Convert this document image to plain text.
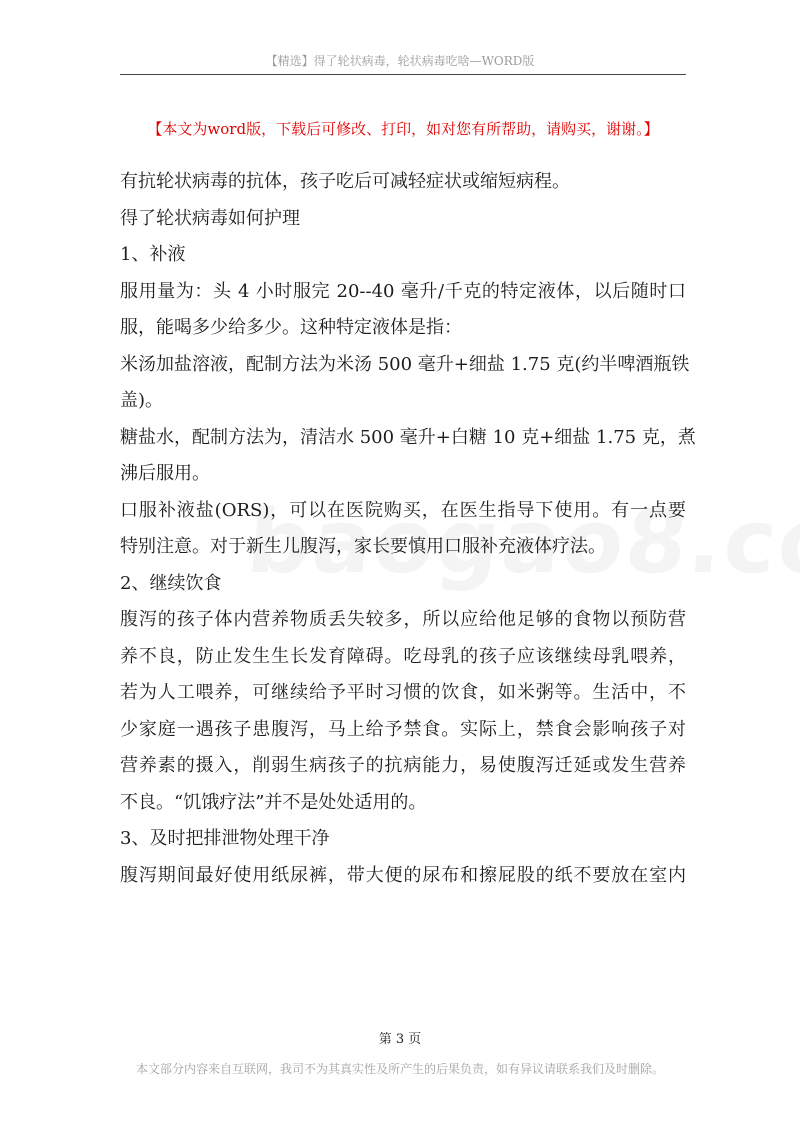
【精选】得了轮状病毒，轮状病毒吃啥—WORD版
【本文为word版，下载后可修改、打印，如对您有所帮助，请购买，谢谢。】

有抗轮状病毒的抗体，孩子吃后可减轻症状或缩短病程。

得了轮状病毒如何护理

1、补液

服用量为：头 4 小时服完 20--40 毫升/千克的特定液体，以后随时口
服，能喝多少给多少。这种特定液体是指：

米汤加盐溶液，配制方法为米汤 500 毫升+细盐 1.75 克(约半啤酒瓶铁
盖)。

糖盐水，配制方法为，清洁水 500 毫升+白糖 10 克+细盐 1.75 克，煮
沸后服用。

口服补液盐(ORS)，可以在医院购买，在医生指导下使用。有一点要
特别注意。对于新生儿腹泻，家长要慎用口服补充液体疗法。

2、继续饮食

腹泻的孩子体内营养物质丢失较多，所以应给他足够的食物以预防营
养不良，防止发生生长发育障碍。吃母乳的孩子应该继续母乳喂养，
若为人工喂养，可继续给予平时习惯的饮食，如米粥等。生活中，不
少家庭一遇孩子患腹泻，马上给予禁食。实际上，禁食会影响孩子对
营养素的摄入，削弱生病孩子的抗病能力，易使腹泻迁延或发生营养
不良。“饥饿疗法”并不是处处适用的。

3、及时把排泄物处理干净

腹泻期间最好使用纸尿裤，带大便的尿布和擦屁股的纸不要放在室内

第 3 页
本文部分内容来自互联网，我司不为其真实性及所产生的后果负责，如有异议请联系我们及时删除。
